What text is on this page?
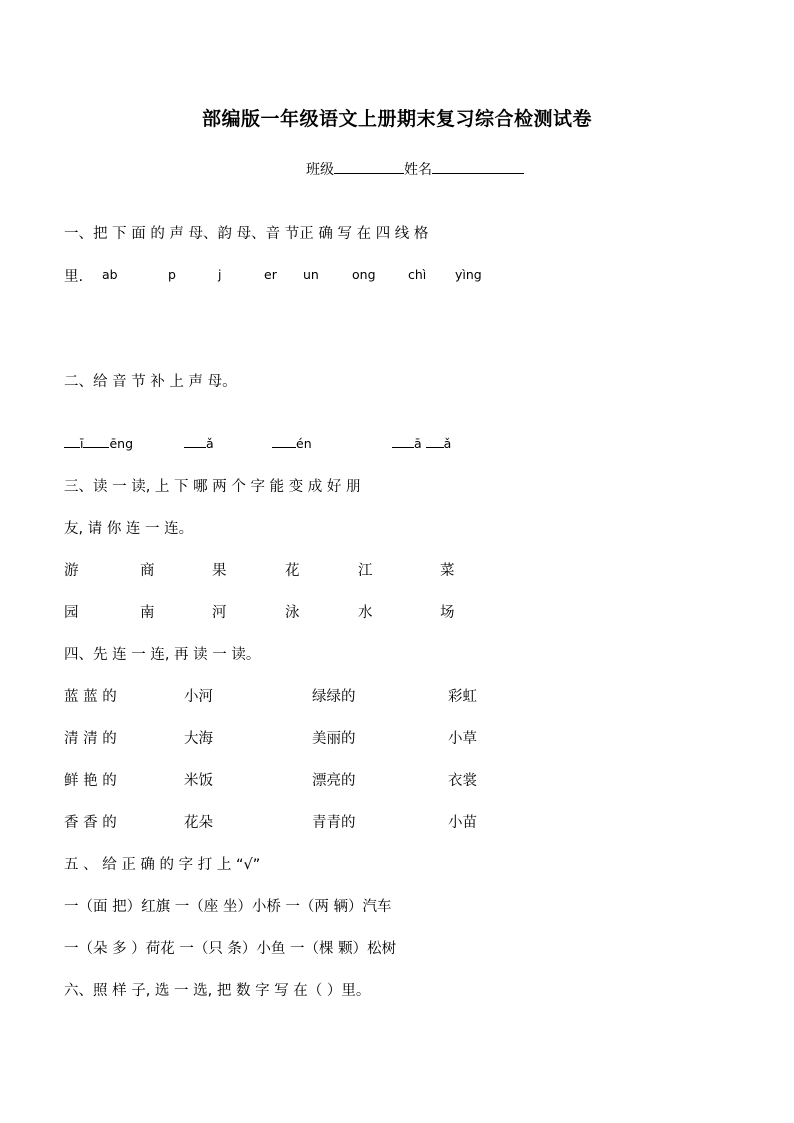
部编版一年级语文上册期末复习综合检测试卷
班级	姓名
一、把 下 面 的 声 母、韵 母、音 节正 确 写 在 四 线 格
里. ab	p	j	er un	ong	chì yìng
二、给 音 节 补 上 声 母。
ī ēng	ǎ	én	ā ǎ
三、读 一 读, 上 下 哪 两 个 字 能 变 成 好 朋
友, 请 你 连 一 连。
游	商	果	花	江	菜
园	南	河	泳	水	场
四、先 连 一 连, 再 读 一 读。
蓝 蓝 的	小河	绿绿的	彩虹
清 清 的	大海	美丽的	小草
鲜 艳 的	米饭	漂亮的	衣裳
香 香 的	花朵	青青的	小苗
五 、 给 正 确 的 字 打 上 “√”
一（面 把）红旗 一（座 坐）小桥 一（两 辆）汽车
一（朵 多 ）荷花 一（只 条）小鱼 一（棵 颗）松树
六、照 样 子, 选 一 选, 把 数 字 写 在（ ）里。
